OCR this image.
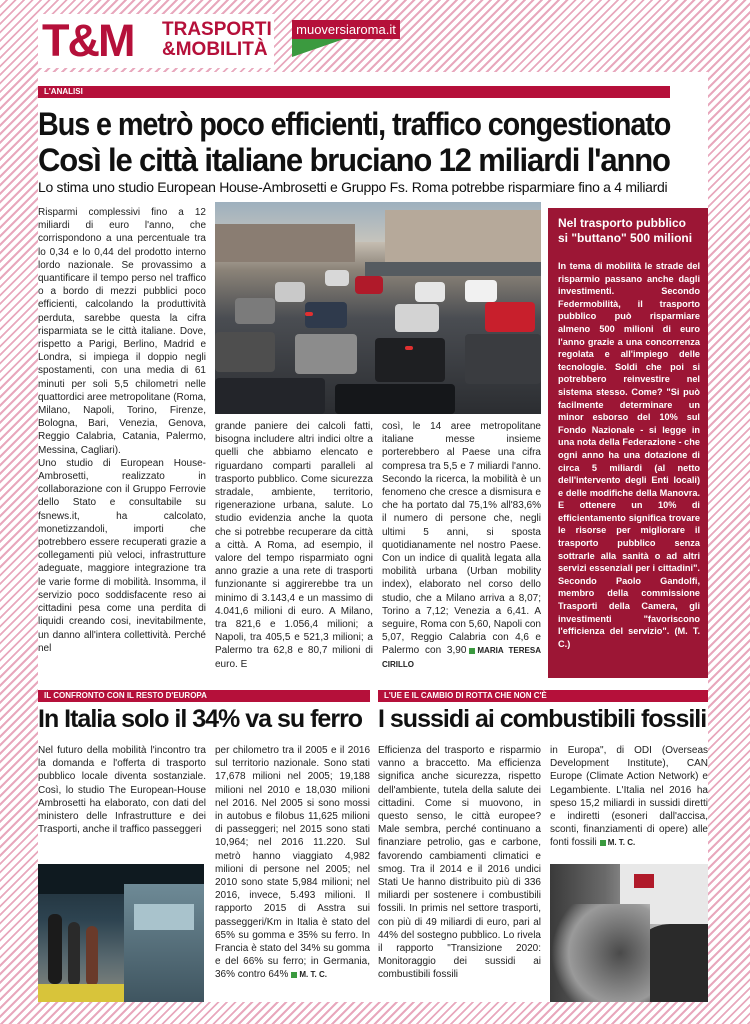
T&M TRASPORTI
&MOBILITÀ
muoversiaroma.it
L'ANALISI
Bus e metrò poco efficienti, traffico congestionato
Così le città italiane bruciano 12 miliardi l'anno
Lo stima uno studio European House-Ambrosetti e Gruppo Fs. Roma potrebbe risparmiare fino a 4 miliardi

Risparmi complessivi fino a 12 miliardi di euro l'anno, che corrispondono a una percentuale tra lo 0,34 e lo 0,44 del prodotto interno lordo nazionale. Se provassimo a quantificare il tempo perso nel traffico o a bordo di mezzi pubblici poco efficienti, calcolando la produttività perduta, sarebbe questa la cifra risparmiata se le città italiane. Dove, rispetto a Parigi, Berlino, Madrid e Londra, si impiega il doppio negli spostamenti, con una media di 61 minuti per soli 5,5 chilometri nelle quattordici aree metropolitane (Roma, Milano, Napoli, Torino, Firenze, Bologna, Bari, Venezia, Genova, Reggio Calabria, Catania, Palermo, Messina, Cagliari).

Uno studio di European House-Ambrosetti, realizzato in collaborazione con il Gruppo Ferrovie dello Stato e consultabile su fsnews.it, ha calcolato, monetizzandoli, importi che potrebbero essere recuperati grazie a collegamenti più veloci, infrastrutture adeguate, maggiore integrazione tra le varie forme di mobilità. Insomma, il servizio poco soddisfacente reso ai cittadini pesa come una perdita di liquidi creando cosi, inevitabilmente, un danno all'intera collettività. Perché nel

grande paniere dei calcoli fatti, bisogna includere altri indici oltre a quelli che abbiamo elencato e riguardano comparti paralleli al trasporto pubblico. Come sicurezza stradale, ambiente, territorio, rigenerazione urbana, salute. Lo studio evidenzia anche la quota che si potrebbe recuperare da città a città. A Roma, ad esempio, il valore del tempo risparmiato ogni anno grazie a una rete di trasporti funzionante si aggirerebbe tra un minimo di 3.143,4 e un massimo di 4.041,6 milioni di euro. A Milano, tra 821,6 e 1.056,4 milioni; a Napoli, tra 405,5 e 521,3 milioni; a Palermo tra 62,8 e 80,7 milioni di euro. E

così, le 14 aree metropolitane italiane messe insieme porterebbero al Paese una cifra compresa tra 5,5 e 7 miliardi l'anno. Secondo la ricerca, la mobilità è un fenomeno che cresce a dismisura e che ha portato dal 75,1% all'83,6% il numero di persone che, negli ultimi 5 anni, si sposta quotidianamente nel nostro Paese. Con un indice di qualità legata alla mobilità urbana (Urban mobility index), elaborato nel corso dello studio, che a Milano arriva a 8,07; Torino a 7,12; Venezia a 6,41. A seguire, Roma con 5,60, Napoli con 5,07, Reggio Calabria con 4,6 e Palermo con 3,90 MARIA TERESA CIRILLO

Nel trasporto pubblico si "buttano" 500 milioni
In tema di mobilità le strade del risparmio passano anche dagli investimenti. Secondo Federmobilità, il trasporto pubblico può risparmiare almeno 500 milioni di euro l'anno grazie a una concorrenza regolata e all'impiego delle tecnologie. Soldi che poi si potrebbero reinvestire nel sistema stesso. Come? "Si può facilmente determinare un minor esborso del 10% sul Fondo Nazionale - si legge in una nota della Federazione - che ogni anno ha una dotazione di circa 5 miliardi (al netto dell'intervento degli Enti locali) e delle modifiche della Manovra. E ottenere un 10% di efficientamento significa trovare le risorse per migliorare il trasporto pubblico senza sottrarle alla sanità o ad altri servizi essenziali per i cittadini". Secondo Paolo Gandolfi, membro della commissione Trasporti della Camera, gli investimenti "favoriscono l'efficienza del servizio". (M. T. C.)
IL CONFRONTO CON IL RESTO D'EUROPA
In Italia solo il 34% va su ferro

Nel futuro della mobilità l'incontro tra la domanda e l'offerta di trasporto pubblico locale diventa sostanziale. Così, lo studio The European-House Ambrosetti ha elaborato, con dati del ministero delle Infrastrutture e dei Trasporti, anche il traffico passeggeri

per chilometro tra il 2005 e il 2016 sul territorio nazionale. Sono stati 17,678 milioni nel 2005; 19,188 milioni nel 2010 e 18,030 milioni nel 2016. Nel 2005 si sono mossi in autobus e filobus 11,625 milioni di passeggeri; nel 2015 sono stati 10,964; nel 2016 11.220. Sul metrò hanno viaggiato 4,982 milioni di persone nel 2005; nel 2010 sono state 5,984 milioni; nel 2016, invece, 5.493 milioni. Il rapporto 2015 di Asstra sui passeggeri/Km in Italia è stato del 65% su gomma e 35% su ferro. In Francia è stato del 34% su gomma e del 66% su ferro; in Germania, 36% contro 64% M. T. C.

L'UE E IL CAMBIO DI ROTTA CHE NON C'È
I sussidi ai combustibili fossili

Efficienza del trasporto e risparmio vanno a braccetto. Ma efficienza significa anche sicurezza, rispetto dell'ambiente, tutela della salute dei cittadini. Come si muovono, in questo senso, le città europee? Male sembra, perché continuano a finanziare petrolio, gas e carbone, favorendo cambiamenti climatici e smog. Tra il 2014 e il 2016 undici Stati Ue hanno distribuito più di 336 miliardi per sostenere i combustibili fossili. In primis nel settore trasporti, con più di 49 miliardi di euro, pari al 44% del sostegno pubblico. Lo rivela il rapporto "Transizione 2020: Monitoraggio dei sussidi ai combustibili fossili

in Europa", di ODI (Overseas Development Institute), CAN Europe (Climate Action Network) e Legambiente. L'Italia nel 2016 ha speso 15,2 miliardi in sussidi diretti e indiretti (esoneri dall'accisa, sconti, finanziamenti di opere) alle fonti fossili M. T. C.
